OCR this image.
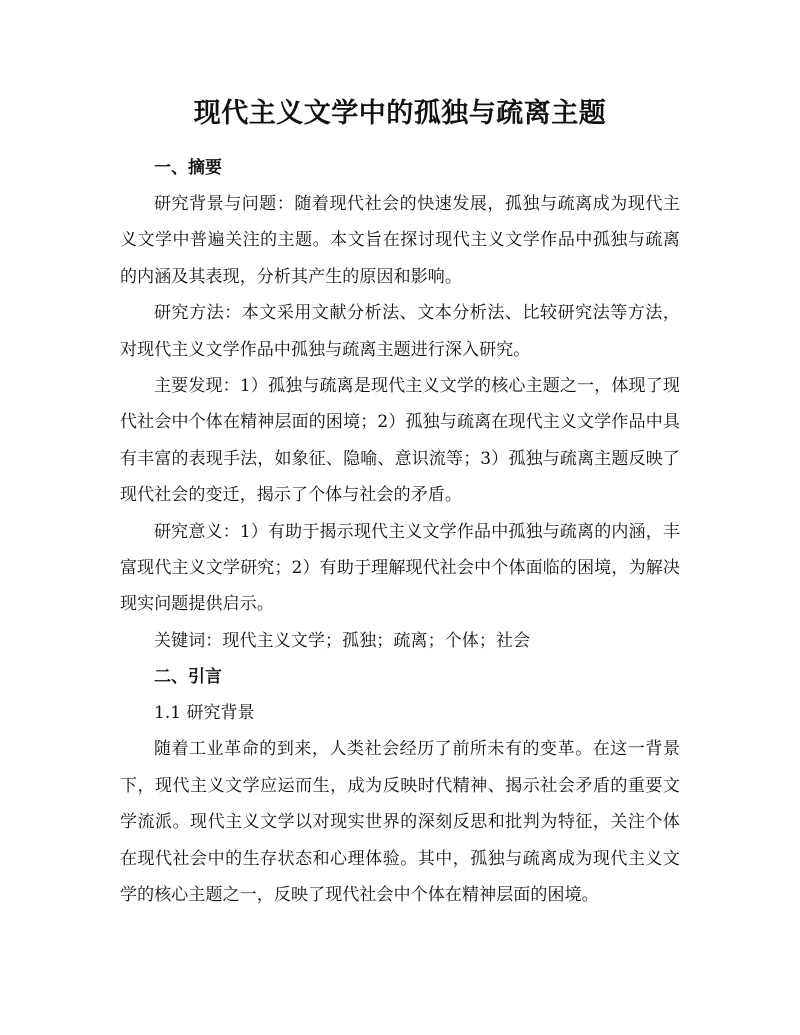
现代主义文学中的孤独与疏离主题
一、摘要

研究背景与问题：随着现代社会的快速发展，孤独与疏离成为现代主义文学中普遍关注的主题。本文旨在探讨现代主义文学作品中孤独与疏离的内涵及其表现，分析其产生的原因和影响。

研究方法：本文采用文献分析法、文本分析法、比较研究法等方法，对现代主义文学作品中孤独与疏离主题进行深入研究。

主要发现：1）孤独与疏离是现代主义文学的核心主题之一，体现了现代社会中个体在精神层面的困境；2）孤独与疏离在现代主义文学作品中具有丰富的表现手法，如象征、隐喻、意识流等；3）孤独与疏离主题反映了现代社会的变迁，揭示了个体与社会的矛盾。

研究意义：1）有助于揭示现代主义文学作品中孤独与疏离的内涵，丰富现代主义文学研究；2）有助于理解现代社会中个体面临的困境，为解决现实问题提供启示。

关键词：现代主义文学；孤独；疏离；个体；社会

二、引言

1.1 研究背景

随着工业革命的到来，人类社会经历了前所未有的变革。在这一背景下，现代主义文学应运而生，成为反映时代精神、揭示社会矛盾的重要文学流派。现代主义文学以对现实世界的深刻反思和批判为特征，关注个体在现代社会中的生存状态和心理体验。其中，孤独与疏离成为现代主义文学的核心主题之一，反映了现代社会中个体在精神层面的困境。
